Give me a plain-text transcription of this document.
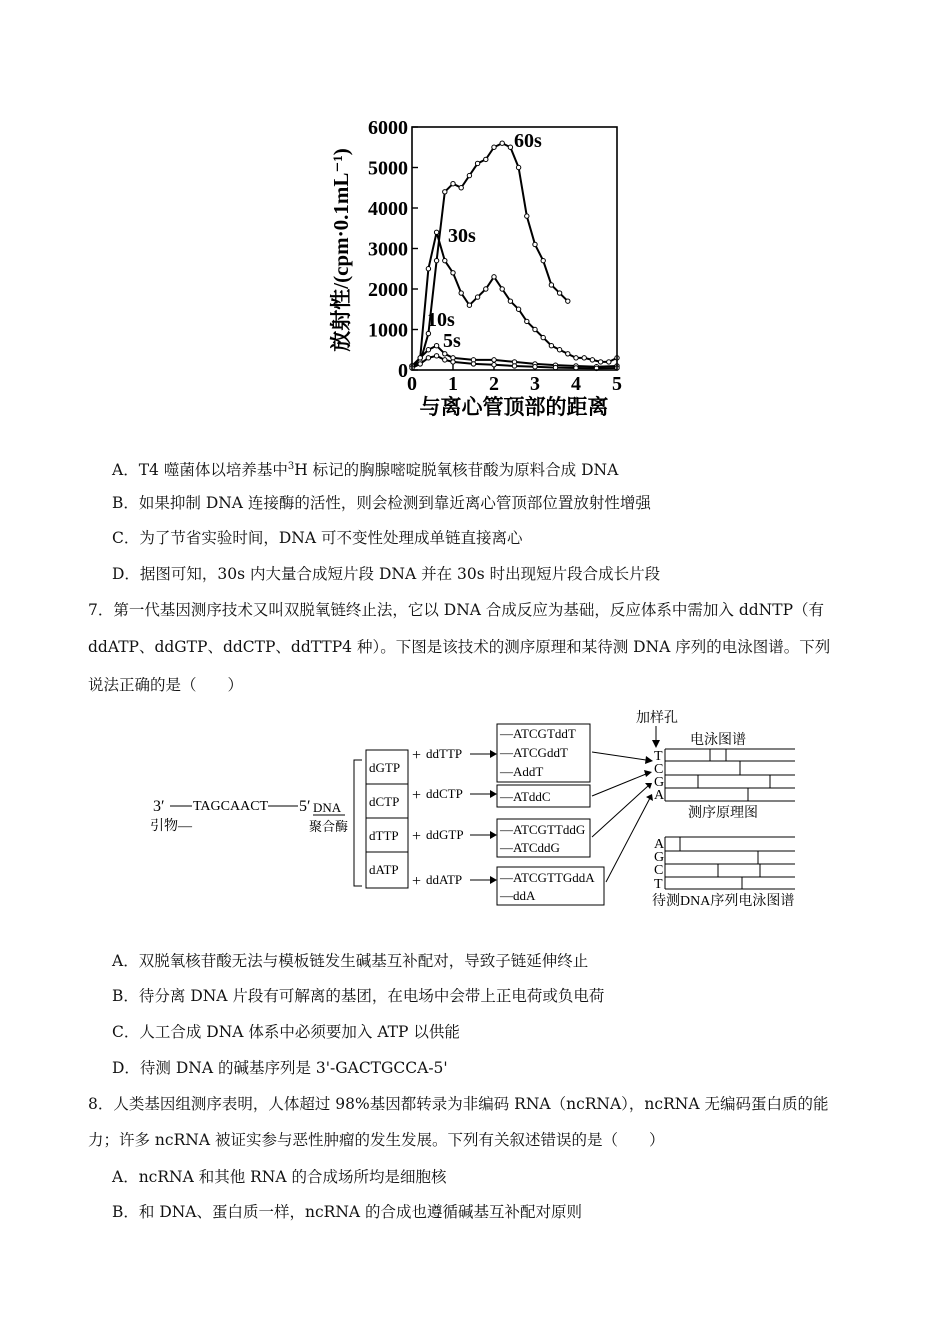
6000
5000
4000
3000
2000
1000
0
0 1 2 3 4 5
放射性/(cpm·0.1mL⁻¹)
与离心管顶部的距离
60s
30s
10s
5s
A．T4 噬菌体以培养基中$^3$H 标记的胸腺嘧啶脱氧核苷酸为原料合成 DNA
B．如果抑制 DNA 连接酶的活性，则会检测到靠近离心管顶部位置放射性增强
C．为了节省实验时间，DNA 可不变性处理成单链直接离心
D．据图可知，30s 内大量合成短片段 DNA 并在 30s 时出现短片段合成长片段
7．第一代基因测序技术又叫双脱氧链终止法，它以 DNA 合成反应为基础，反应体系中需加入 ddNTP（有
ddATP、ddGTP、ddCTP、ddTTP4 种）。下图是该技术的测序原理和某待测 DNA 序列的电泳图谱。下列
说法正确的是（　　）
3′ TAGCAACT 5′
引物—
DNA
聚合酶
dGTP
dCTP
dTTP
dATP
+ ddTTP
+ ddCTP
+ ddGTP
+ ddATP
—ATCGTddT
—ATCGddT
—AddT
—ATddC
—ATCGTTddG
—ATCddG
—ATCGTTGddA
—ddA
加样孔
电泳图谱
T
C
G
A
测序原理图
A
G
C
T
待测DNA序列电泳图谱
A．双脱氧核苷酸无法与模板链发生碱基互补配对，导致子链延伸终止
B．待分离 DNA 片段有可解离的基团，在电场中会带上正电荷或负电荷
C．人工合成 DNA 体系中必须要加入 ATP 以供能
D．待测 DNA 的碱基序列是 3'-GACTGCCA-5'
8．人类基因组测序表明，人体超过 98%基因都转录为非编码 RNA（ncRNA），ncRNA 无编码蛋白质的能
力；许多 ncRNA 被证实参与恶性肿瘤的发生发展。下列有关叙述错误的是（　　）
A．ncRNA 和其他 RNA 的合成场所均是细胞核
B．和 DNA、蛋白质一样，ncRNA 的合成也遵循碱基互补配对原则
